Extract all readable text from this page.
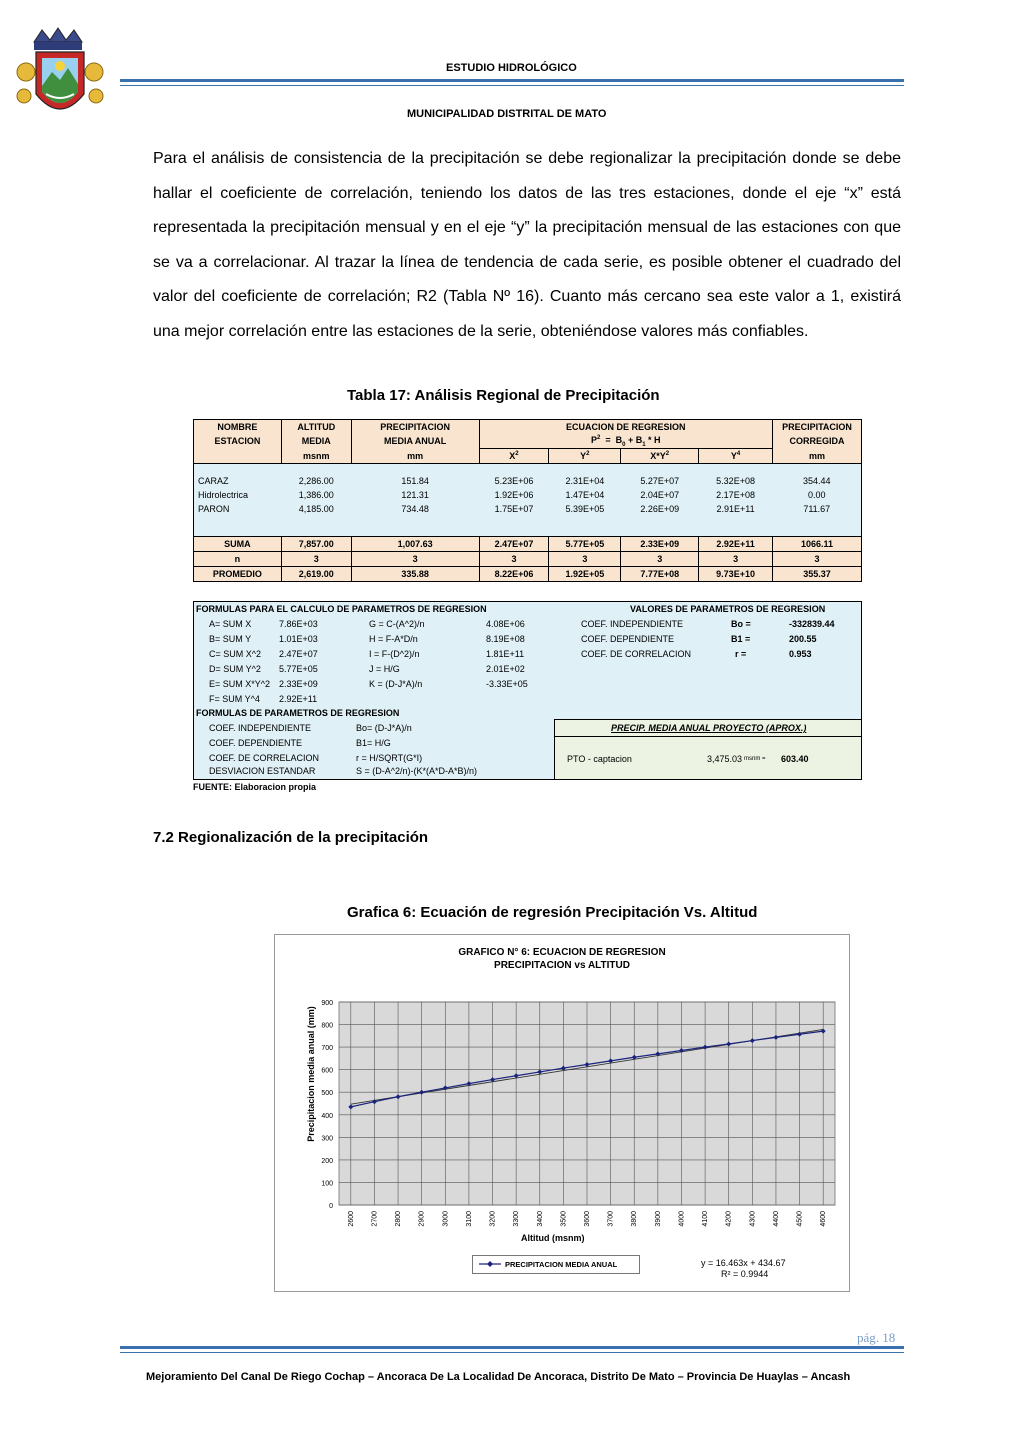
ESTUDIO HIDROLÓGICO
MUNICIPALIDAD DISTRITAL DE MATO
Para el análisis de consistencia de la precipitación se debe regionalizar la precipitación donde se debe hallar el coeficiente de correlación, teniendo los datos de las tres estaciones, donde el eje “x” está representada la precipitación mensual y en el eje “y” la precipitación mensual de las estaciones con que se va a correlacionar. Al trazar la línea de tendencia de cada serie, es posible obtener el cuadrado del valor del coeficiente de correlación; R2 (Tabla Nº 16). Cuanto más cercano sea este valor a 1, existirá una mejor correlación entre las estaciones de la serie, obteniéndose valores más confiables.
Tabla 17: Análisis Regional de Precipitación
NOMBRE	ALTITUD	PRECIPITACION	ECUACION DE REGRESION				PRECIPITACION
ESTACION	MEDIA	MEDIA ANUAL	$P^2 = B_0 + B_1 * H$				CORREGIDA
	msnm	mm	$X^2$	$Y^2$	$X*Y^2$	$Y^4$	mm

CARAZ	2,286.00	151.84	5.23E+06	2.31E+04	5.27E+07	5.32E+08	354.44
Hidrolectrica	1,386.00	121.31	1.92E+06	1.47E+04	2.04E+07	2.17E+08	0.00
PARON	4,185.00	734.48	1.75E+07	5.39E+05	2.26E+09	2.91E+11	711.67

SUMA	7,857.00	1,007.63	2.47E+07	5.77E+05	2.33E+09	2.92E+11	1066.11
n	3	3	3	3	3	3	3
PROMEDIO	2,619.00	335.88	8.22E+06	1.92E+05	7.77E+08	9.73E+10	355.37
FORMULAS PARA EL CALCULO DE PARAMETROS DE REGRESION	VALORES DE PARAMETROS DE REGRESION
A= SUM X	7.86E+03	G = C-(A^2)/n	4.08E+06	COEF. INDEPENDIENTE	Bo =	-332839.44
B= SUM Y	1.01E+03	H = F-A*D/n	8.19E+08	COEF. DEPENDIENTE	B1 =	200.55
C= SUM X^2 2.47E+07	I = F-(D^2)/n	1.81E+11	COEF. DE CORRELACION	r =	0.953
D= SUM Y^2 5.77E+05	J = H/G	2.01E+02
E= SUM X*Y^2 2.33E+09	K = (D-J*A)/n	-3.33E+05
F= SUM Y^4 2.92E+11
FORMULAS DE PARAMETROS DE REGRESION
COEF. INDEPENDIENTE	Bo= (D-J*A)/n
COEF. DEPENDIENTE	B1= H/G
COEF. DE CORRELACION	r = H/SQRT(G*I)
DESVIACION ESTANDAR	S = (D-A^2/n)-(K*(A*D-A*B)/n)
PRECIP. MEDIA ANUAL PROYECTO (APROX.)
PTO - captacion	3,475.03 msnm = 603.40
FUENTE: Elaboracion propia
7.2 Regionalización de la precipitación
Grafica 6: Ecuación de regresión Precipitación Vs. Altitud
GRAFICO N° 6: ECUACION DE REGRESION
PRECIPITACION vs ALTITUD
0
100
200
300
400
500
600
700
800
900
2600 2700 2800 2900 3000 3100 3200 3300 3400 3500 3600 3700 3800 3900 4000 4100 4200 4300 4400 4500 4600
Altitud (msnm)
Precipitacion media anual (mm)
PRECIPITACION MEDIA ANUAL	y = 16.463x + 434.67
R² = 0.9944
pág. 18
Mejoramiento Del Canal De Riego Cochap – Ancoraca De La Localidad De Ancoraca, Distrito De Mato – Provincia De Huaylas – Ancash
